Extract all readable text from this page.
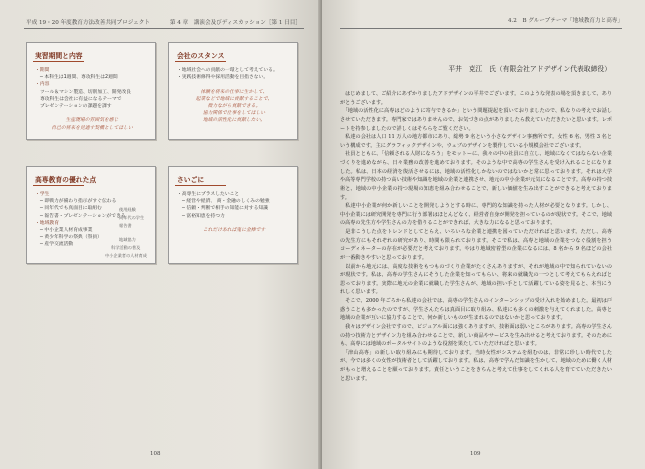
平成 19・20 年度教育方法改善共同プロジェクト	第 4 章　講演会及びディスカッション［第 1 日目］
実習期間と内容
・期間
─ 本科生は1週間、専攻科生は2週間
・内容
ツール＆マシン製造、切削加工、開発改良
専攻科生は会社に有益になるテーマで
プレゼンテーションの課題を課す

生産現場の雰囲気を感じ
自己の将来を見通す契機としてほしい
会社のスタンス
・地域社会への貢献の一環として考えている。
・実践技術修得や採用活動を目指さない。

体験を将来の仕事に生かして、
起業などで地域に貢献することで、
微力ながら貢献できる。
協力関係で仕事をしてほしい
地域の活性化に貢献したい。
高専教育の優れた点
・学生
─ 即戦力が備わり指示がすぐ伝わる
─ 同年代でも真面目に取組む
─ 報告書・プレゼンテーションができる
・地域教育
─ 中小企業人材育成事業
─ 黄少年科学の祭典（祭員）
─ 産学交流活動
使用経験
同年代の学生
報告書
地域協力
科学活動の普及
中小企業者の人材育成
さいごに
・高専生にプラスしたいこと
─ 経営や経済、 商・金融のしくみの勉強
─ 信頼・判断で相手の知能に対する知識
─ 富裕知恵を持つ力

これだけあれば鬼に金棒です
108
4.2　B グループテーマ「地域教育力と高専」
109
平井　克江　氏（有限会社アドデザイン代表取締役）

　はじめまして、ご紹介にあずかりましたアドデザインの平井でございます。このような発表の場を頂きまして、ありがとうございます。

　「地域の活性化に高専はどのように寄与できるか」という問題提起を頂いておりましたので、私なりの考えでお話しさせていただきます。専門家ではありませんので、お気づきの点がありましたら教えていただきたいと思います。レポートを持参しましたので詳しくはそちらをご覧ください。

　私達の会社は人口 11 万人の地方都市にあり、総勢 9 名という小さなデザイン事務所です。女性 6 名、男性 3 名という構成です。主にグラフィックデザインや、ウェブのデザインを製作している小規模会社でございます。

　社員とともに、「信頼される人財になろう」をモットーに、我々の中の社員に自立し、地域になくてはならない企業づくりを進めながら、日々業務の改善を進めております。そのような中で高専の学生さんを受け入れることになりました。私は、日本の経済を復活させるには、地域の活性化しかないのではないかと常に思っております。それは大学や高等専門学校の持つ高い技術や知識を地域の企業と連携させ、地元の中小企業が元気になることです。高専の持つ技術と、地域の中小企業の持つ現場の知恵を組み合わせることで、新しい価値を生み出すことができると考えております。

　私達中小企業が何か新しいことを開発しようとする時に、専門的な知識を持った人材が必要となります。しかし、中小企業には研究開発を専門に行う部署はほとんどなく、経営者自身が開発を担っているのが現状です。そこで、地域の高専の先生方や学生さんの力を借りることができれば、大きな力になると思っております。

　是非こうした点をトレンドとしてとらえ、いろいろな企業と連携を図っていただければと思います。ただし、高専の先生方にもそれぞれの研究があり、時間も限られております。そこで私は、高専と地域の企業をつなぐ役割を担うコーディネーターの存在が必要だと考えております。やはり地域密着型の企業になるには、8 名から 9 名ほどの会社が一番動きやすいと思っております。

　以前から地元には、高度な技術をもつものづくり企業がたくさんありますが、それが地域の中で知られていないのが現状です。私は、高専の学生さんにそうした企業を知ってもらい、将来の就職先の一つとして考えてもらえればと思っております。実際に地元の企業に就職した学生さんが、地域の担い手として活躍している姿を見ると、本当にうれしく思います。

　そこで、2000 年ごろから私達の会社では、高専の学生さんのインターンシップの受け入れを始めました。最初は戸惑うことも多かったのですが、学生さんたちは真面目に取り組み、私達にも多くの刺激を与えてくれました。高専と地域の企業が互いに協力することで、何か新しいものが生まれるのではないかと思っております。

　我々はデザイン会社ですので、ビジュアル面には強くありますが、技術面は弱いところがあります。高専の学生さんの持つ技術力とデザイン力を組み合わせることで、新しい商品やサービスを生み出せると考えております。そのためにも、高専には地域のポータルサイトのような役割を果たしていただければと思います。

　「津山高専」の新しい取り組みにも期待しております。当時女性がシステムを組むのは、非常に珍しい時代でしたが、今では多くの女性が技術者として活躍しております。私は、高専で学んだ知識を生かして、地域のために働く人材がもっと増えることを願っております。責任ということをきちんと考えて仕事をしてくれる人を育てていただきたいと思います。
